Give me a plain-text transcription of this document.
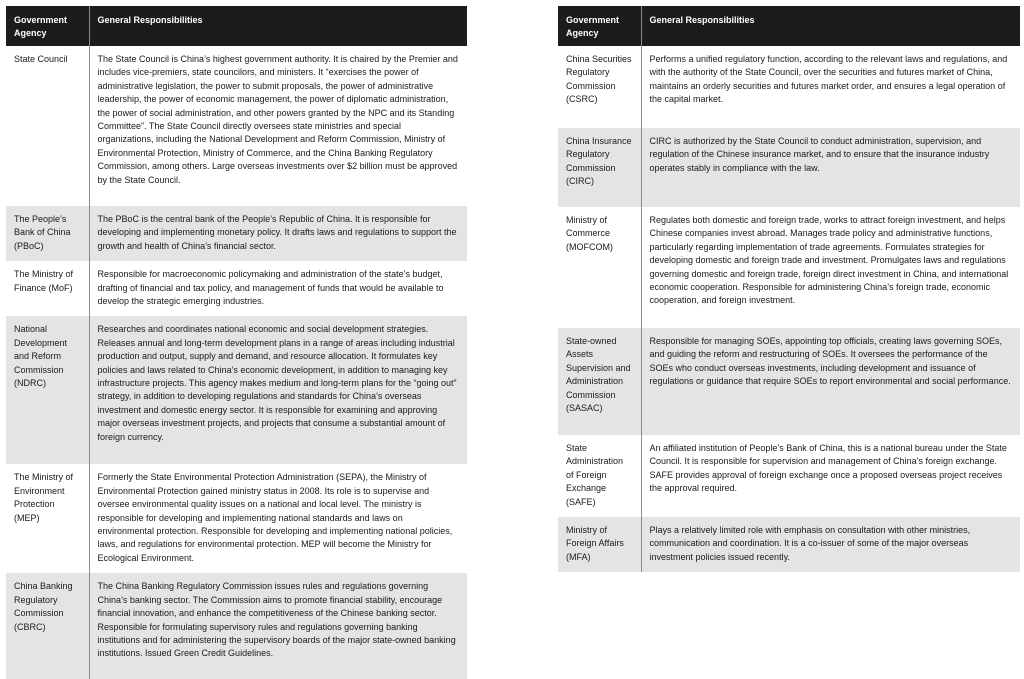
Government Agency	General Responsibilities
State Council	The State Council is China’s highest government authority. It is chaired by the Premier and includes vice-premiers, state councilors, and ministers. It “exercises the power of administrative legislation, the power to submit proposals, the power of administrative leadership, the power of economic management, the power of diplomatic administration, the power of social administration, and other powers granted by the NPC and its Standing Committee”. The State Council directly oversees state ministries and special organizations, including the National Development and Reform Commission, Ministry of Environmental Protection, Ministry of Commerce, and the China Banking Regulatory Commission, among others. Large overseas investments over $2 billion must be approved by the State Council.
The People’s Bank of China (PBoC)	The PBoC is the central bank of the People’s Republic of China. It is responsible for developing and implementing monetary policy. It drafts laws and regulations to support the growth and health of China’s financial sector.
The Ministry of Finance (MoF)	Responsible for macroeconomic policymaking and administration of the state’s budget, drafting of financial and tax policy, and management of funds that would be available to develop the strategic emerging industries.
National Development and Reform Commission (NDRC)	Researches and coordinates national economic and social development strategies. Releases annual and long-term development plans in a range of areas including industrial production and output, supply and demand, and resource allocation. It formulates key policies and laws related to China’s economic development, in addition to managing key infrastructure projects. This agency makes medium and long-term plans for the “going out” strategy, in addition to developing regulations and standards for China’s overseas investment and domestic energy sector. It is responsible for examining and approving major overseas investment projects, and projects that consume a substantial amount of foreign currency.
The Ministry of Environment Protection (MEP)	Formerly the State Environmental Protection Administration (SEPA), the Ministry of Environmental Protection gained ministry status in 2008. Its role is to supervise and oversee environmental quality issues on a national and local level. The ministry is responsible for developing and implementing national standards and laws on environmental protection. Responsible for developing and implementing national policies, laws, and regulations for environmental protection. MEP will become the Ministry for Ecological Environment.
China Banking Regulatory Commission (CBRC)	The China Banking Regulatory Commission issues rules and regulations governing China’s banking sector. The Commission aims to promote financial stability, encourage financial innovation, and enhance the competitiveness of the Chinese banking sector. Responsible for formulating supervisory rules and regulations governing banking institutions and for administering the supervisory boards of the major state-owned banking institutions. Issued Green Credit Guidelines.
Government Agency	General Responsibilities
China Securities Regulatory Commission (CSRC)	Performs a unified regulatory function, according to the relevant laws and regulations, and with the authority of the State Council, over the securities and futures market of China, maintains an orderly securities and futures market order, and ensures a legal operation of the capital market.
China Insurance Regulatory Commission (CIRC)	CIRC is authorized by the State Council to conduct administration, supervision, and regulation of the Chinese insurance market, and to ensure that the insurance industry operates stably in compliance with the law.
Ministry of Commerce (MOFCOM)	Regulates both domestic and foreign trade, works to attract foreign investment, and helps Chinese companies invest abroad. Manages trade policy and administrative functions, particularly regarding implementation of trade agreements. Formulates strategies for developing domestic and foreign trade and investment. Promulgates laws and regulations governing domestic and foreign trade, foreign direct investment in China, and international economic cooperation. Responsible for administering China’s foreign trade, economic cooperation, and foreign investment.
State-owned Assets Supervision and Administration Commission (SASAC)	Responsible for managing SOEs, appointing top officials, creating laws governing SOEs, and guiding the reform and restructuring of SOEs. It oversees the performance of the SOEs who conduct overseas investments, including development and issuance of regulations or guidance that require SOEs to report environmental and social performance.
State Administration of Foreign Exchange (SAFE)	An affiliated institution of People’s Bank of China, this is a national bureau under the State Council. It is responsible for supervision and management of China’s foreign exchange. SAFE provides approval of foreign exchange once a proposed overseas project receives the approval required.
Ministry of Foreign Affairs (MFA)	Plays a relatively limited role with emphasis on consultation with other ministries, communication and coordination. It is a co-issuer of some of the major overseas investment policies issued recently.
